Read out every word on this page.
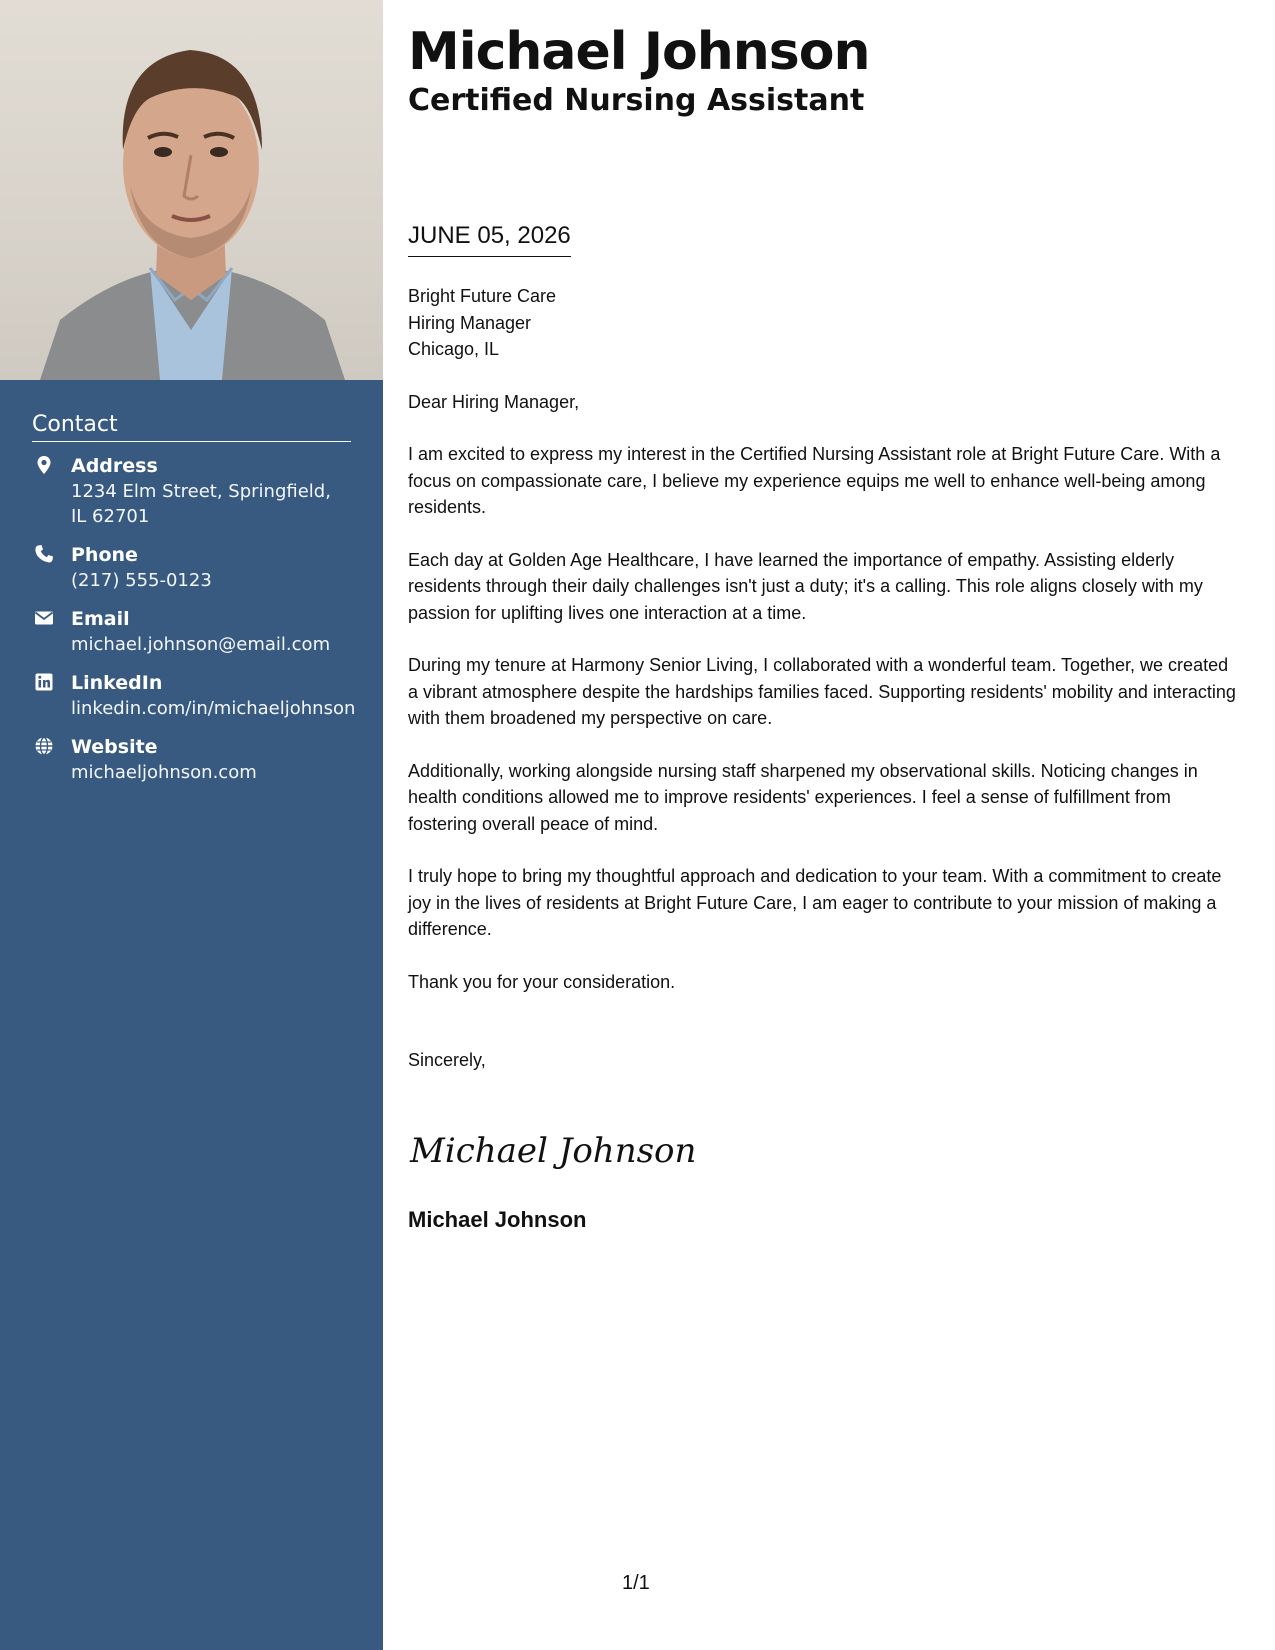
Contact
Address
1234 Elm Street, Springfield, IL 62701
Phone
(217) 555-0123
Email
michael.johnson@email.com
LinkedIn
linkedin.com/in/michaeljohnson
Website
michaeljohnson.com
Michael Johnson
Certified Nursing Assistant
JUNE 05, 2026

Bright Future Care

Hiring Manager

Chicago, IL

Dear Hiring Manager,

I am excited to express my interest in the Certified Nursing Assistant role at Bright Future Care. With a focus on compassionate care, I believe my experience equips me well to enhance well-being among residents.

Each day at Golden Age Healthcare, I have learned the importance of empathy. Assisting elderly residents through their daily challenges isn't just a duty; it's a calling. This role aligns closely with my passion for uplifting lives one interaction at a time.

During my tenure at Harmony Senior Living, I collaborated with a wonderful team. Together, we created a vibrant atmosphere despite the hardships families faced. Supporting residents' mobility and interacting with them broadened my perspective on care.

Additionally, working alongside nursing staff sharpened my observational skills. Noticing changes in health conditions allowed me to improve residents' experiences. I feel a sense of fulfillment from fostering overall peace of mind.

I truly hope to bring my thoughtful approach and dedication to your team. With a commitment to create joy in the lives of residents at Bright Future Care, I am eager to contribute to your mission of making a difference.

Thank you for your consideration.

Sincerely,

Michael Johnson
Michael Johnson
1/1
